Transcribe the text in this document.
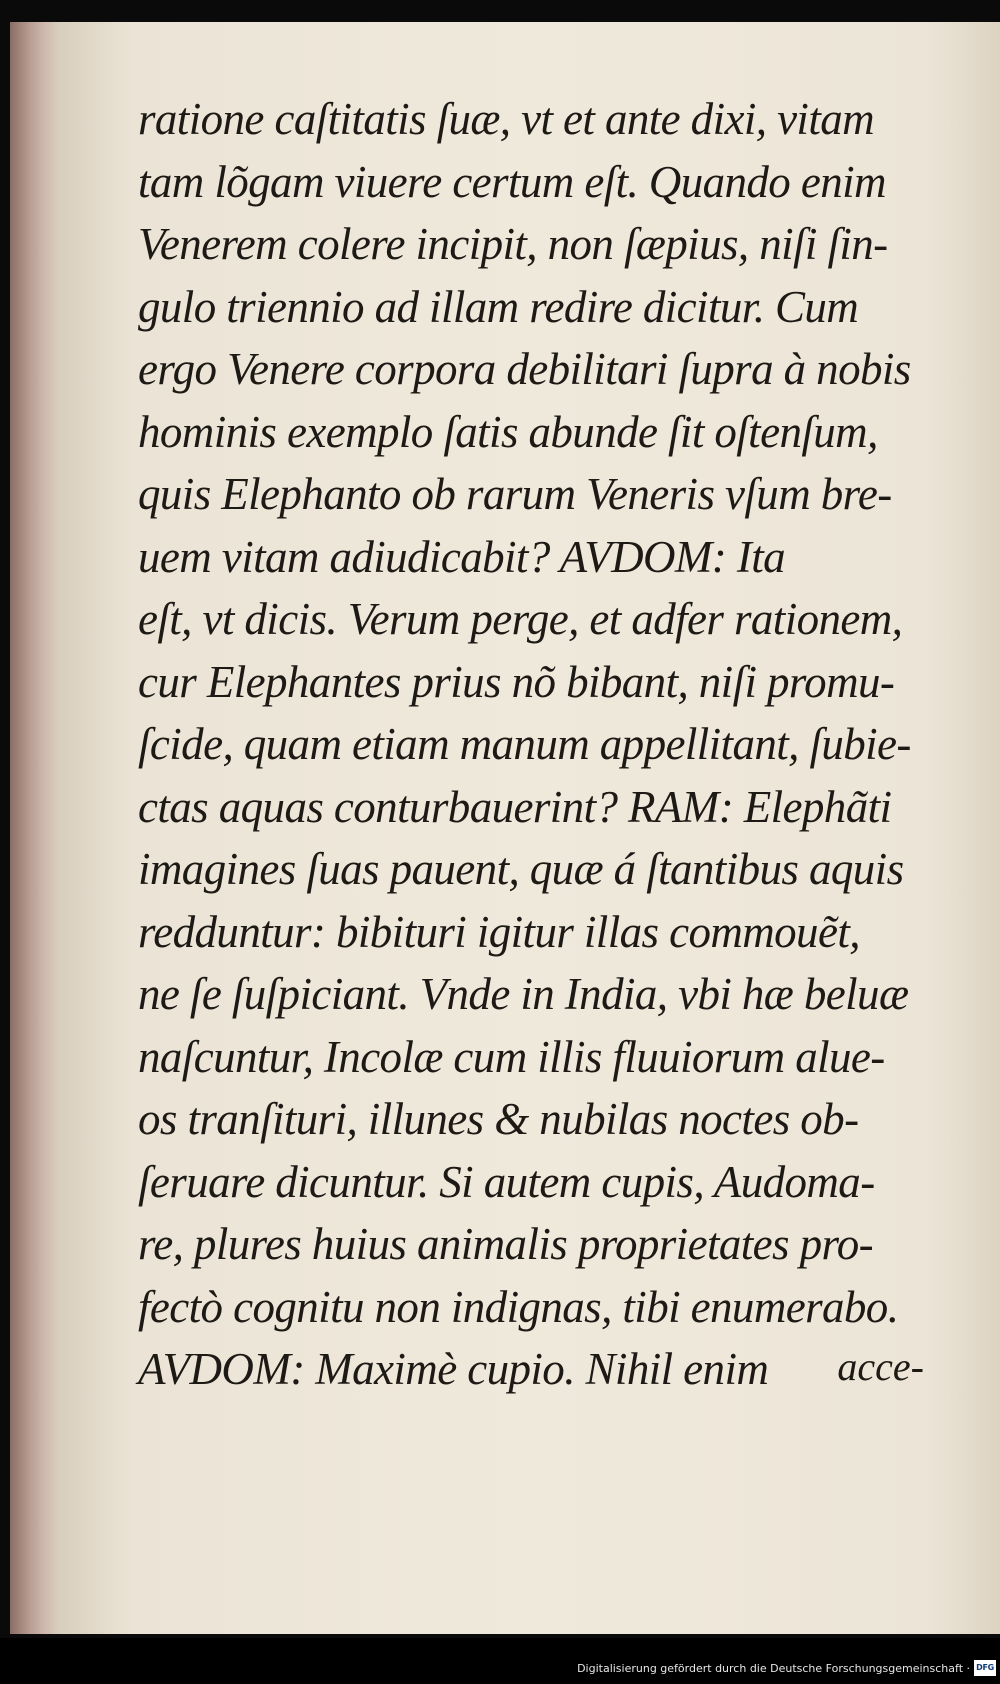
ratione caſtitatis ſuæ, vt et ante dixi, vitam
tam lõgam viuere certum eſt. Quando enim
Venerem colere incipit, non ſæpius, niſi ſin-
gulo triennio ad illam redire dicitur. Cum
ergo Venere corpora debilitari ſupra à nobis
hominis exemplo ſatis abunde ſit oſtenſum,
quis Elephanto ob rarum Veneris vſum bre-
uem vitam adiudicabit? AVDOM: Ita
eſt, vt dicis. Verum perge, et adfer rationem,
cur Elephantes prius nõ bibant, niſi promu-
ſcide, quam etiam manum appellitant, ſubie-
ctas aquas conturbauerint? RAM: Elephãti
imagines ſuas pauent, quæ á ſtantibus aquis
redduntur: bibituri igitur illas commouẽt,
ne ſe ſuſpiciant. Vnde in India, vbi hæ beluæ
naſcuntur, Incolæ cum illis fluuiorum alue-
os tranſituri, illunes & nubilas noctes ob-
ſeruare dicuntur. Si autem cupis, Audoma-
re, plures huius animalis proprietates pro-
fectò cognitu non indignas, tibi enumerabo.
AVDOM: Maximè cupio. Nihil enim	acce-
Digitalisierung gefördert durch die Deutsche Forschungsgemeinschaft · DFG
